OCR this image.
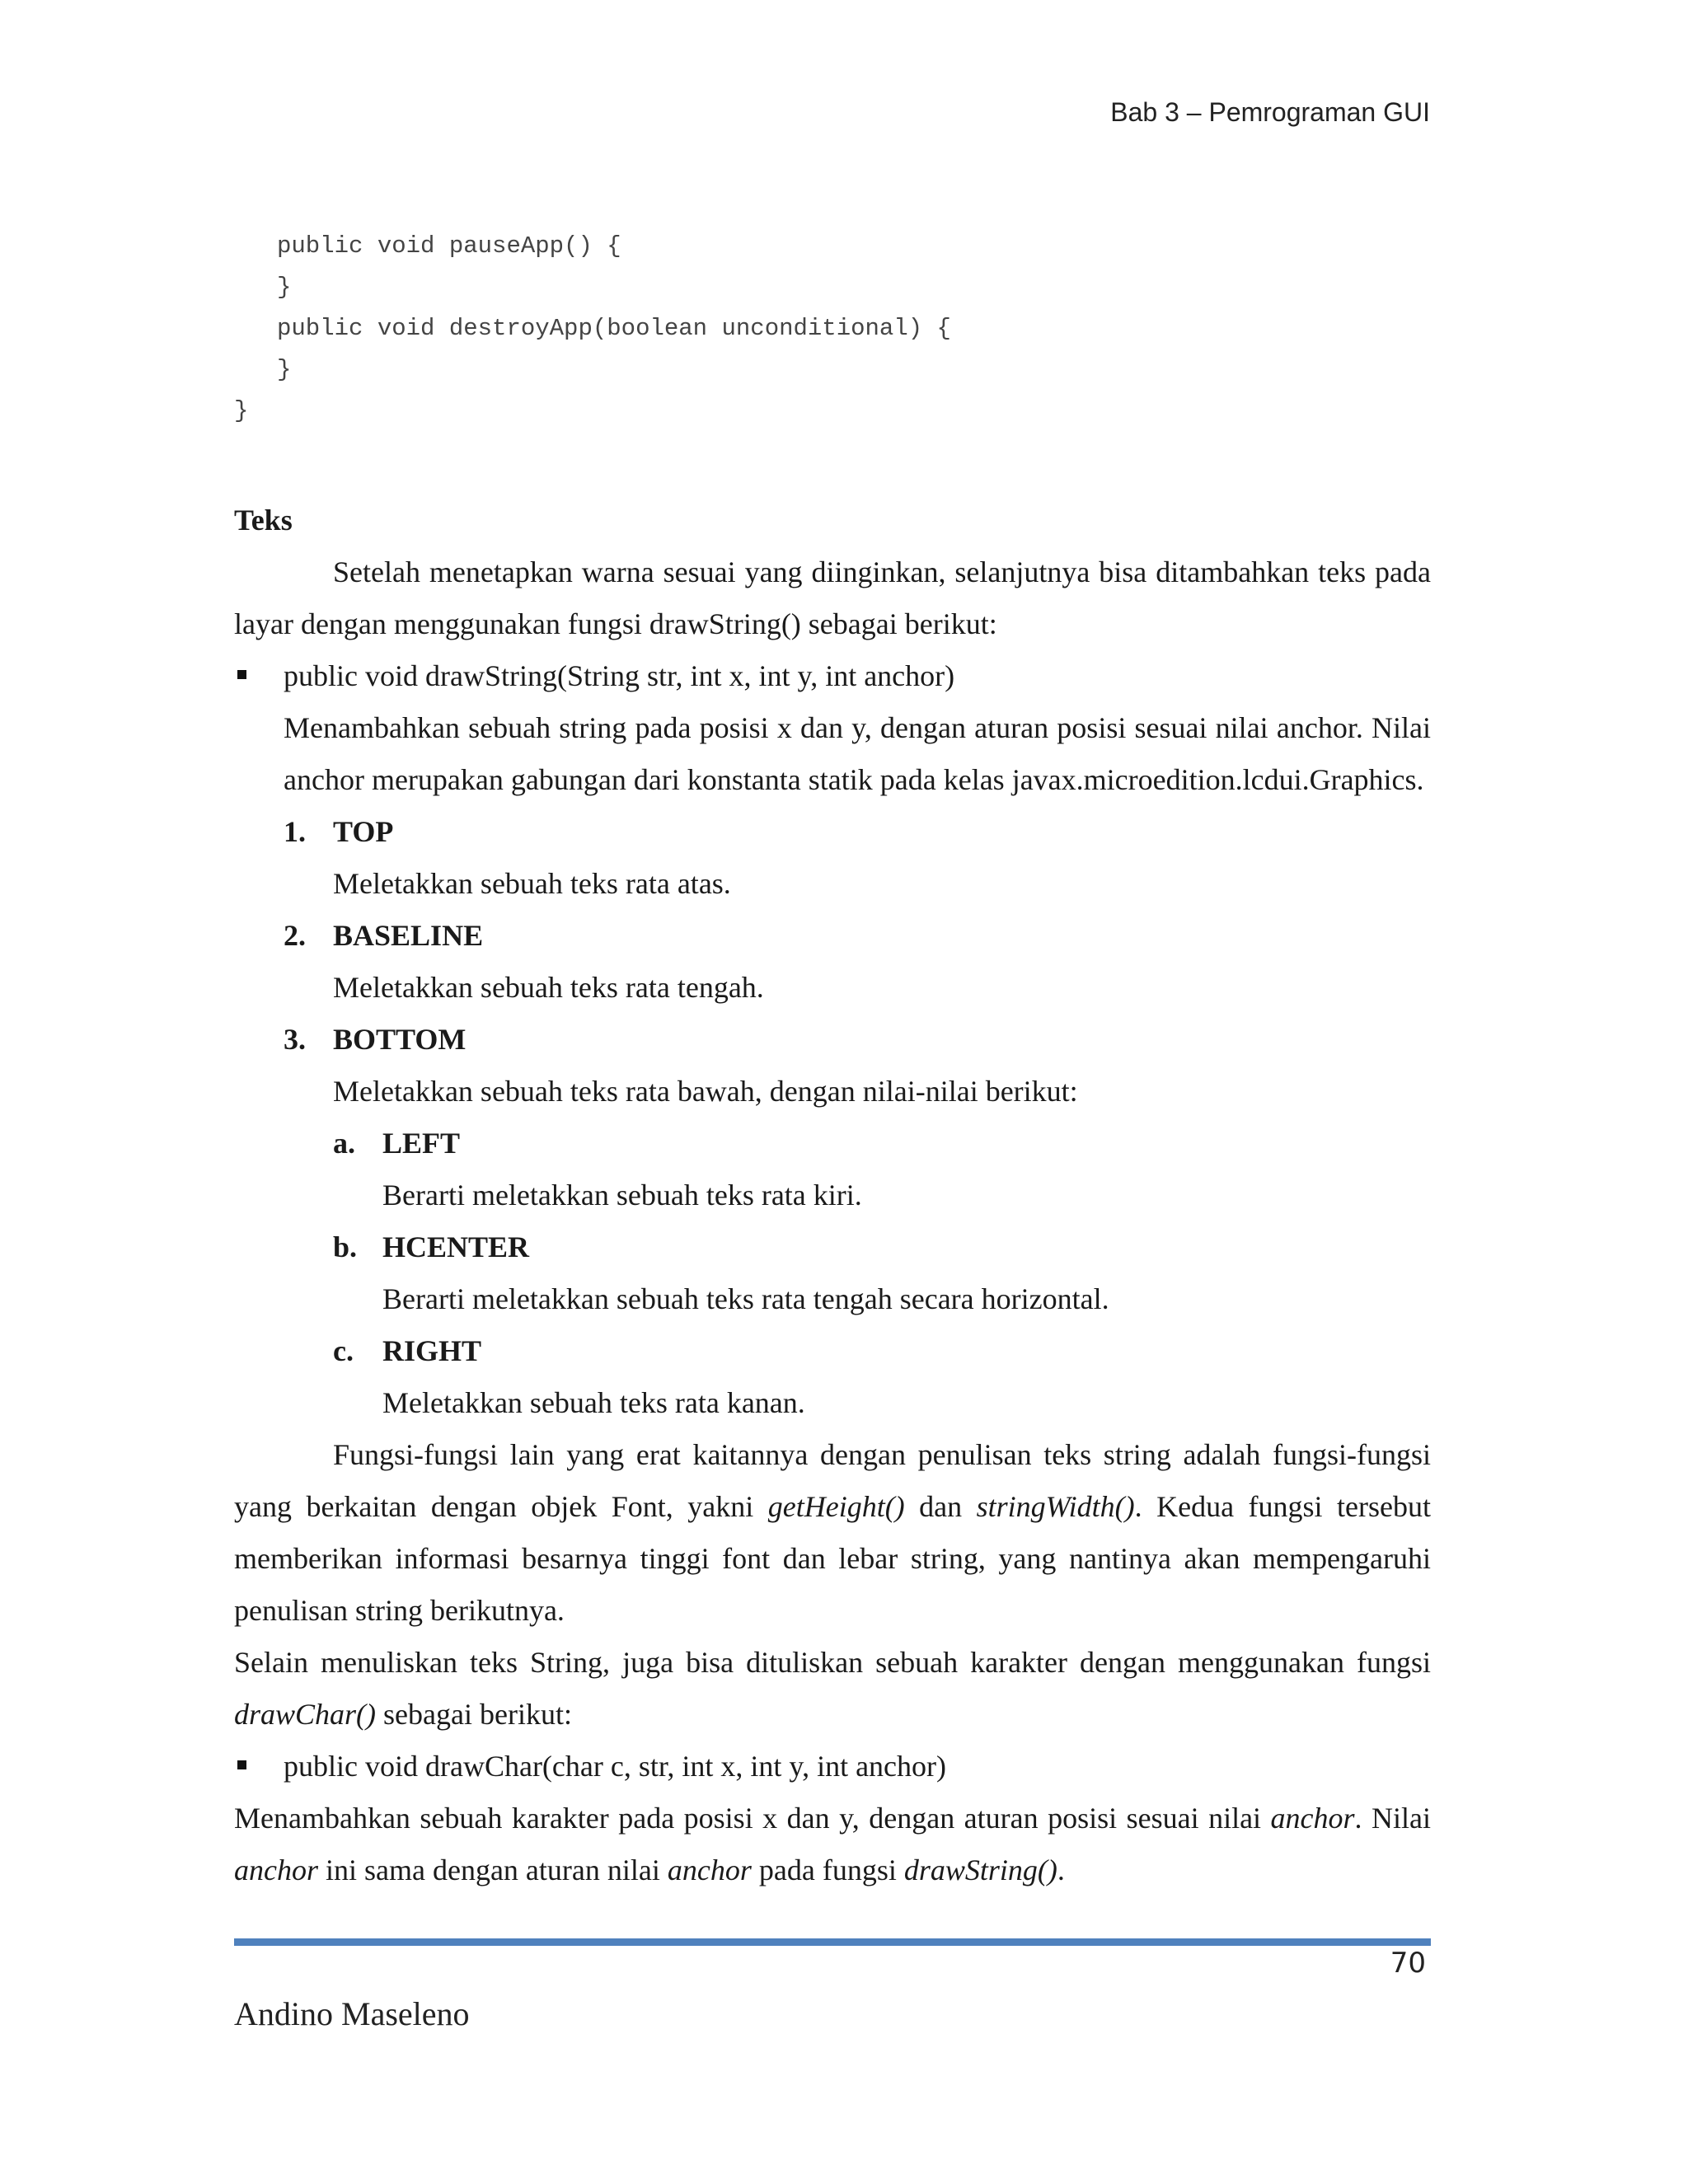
Bab 3 – Pemrograman GUI

public void pauseApp() {

}

public void destroyApp(boolean unconditional) {

}

}

Teks
Setelah menetapkan warna sesuai yang diinginkan, selanjutnya bisa ditambahkan teks pada
layar dengan menggunakan fungsi drawString() sebagai berikut:
public void drawString(String str, int x, int y, int anchor)
Menambahkan sebuah string pada posisi x dan y, dengan aturan posisi sesuai nilai anchor. Nilai anchor merupakan gabungan dari konstanta statik pada kelas javax.microedition.lcdui.Graphics.
1. TOP
Meletakkan sebuah teks rata atas.
2. BASELINE
Meletakkan sebuah teks rata tengah.
3. BOTTOM
Meletakkan sebuah teks rata bawah, dengan nilai-nilai berikut:
a. LEFT
Berarti meletakkan sebuah teks rata kiri.
b. HCENTER
Berarti meletakkan sebuah teks rata tengah secara horizontal.
c. RIGHT
Meletakkan sebuah teks rata kanan.
Fungsi-fungsi lain yang erat kaitannya dengan penulisan teks string adalah fungsi-fungsi yang berkaitan dengan objek Font, yakni getHeight() dan stringWidth(). Kedua fungsi tersebut memberikan informasi besarnya tinggi font dan lebar string, yang nantinya akan mempengaruhi penulisan string berikutnya.
Selain menuliskan teks String, juga bisa dituliskan sebuah karakter dengan menggunakan fungsi drawChar() sebagai berikut:
public void drawChar(char c, str, int x, int y, int anchor)
Menambahkan sebuah karakter pada posisi x dan y, dengan aturan posisi sesuai nilai anchor. Nilai anchor ini sama dengan aturan nilai anchor pada fungsi drawString().
70
Andino Maseleno
